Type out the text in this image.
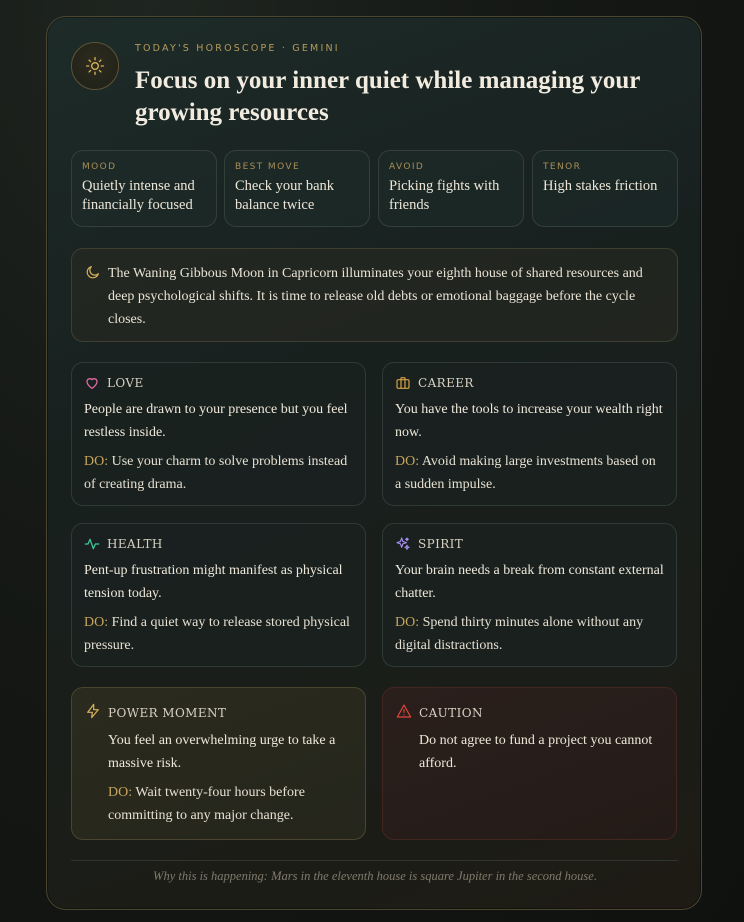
TODAY'S HOROSCOPE · GEMINI
Focus on your inner quiet while managing your growing resources
MOOD
Quietly intense and financially focused
BEST MOVE
Check your bank balance twice
AVOID
Picking fights with friends
TENOR
High stakes friction

The Waning Gibbous Moon in Capricorn illuminates your eighth house of shared resources and deep psychological shifts. It is time to release old debts or emotional baggage before the cycle closes.

LOVE
People are drawn to your presence but you feel restless inside.
DO: Use your charm to solve problems instead of creating drama.
CAREER
You have the tools to increase your wealth right now.
DO: Avoid making large investments based on a sudden impulse.
HEALTH
Pent-up frustration might manifest as physical tension today.
DO: Find a quiet way to release stored physical pressure.
SPIRIT
Your brain needs a break from constant external chatter.
DO: Spend thirty minutes alone without any digital distractions.
POWER MOMENT
You feel an overwhelming urge to take a massive risk.
DO: Wait twenty-four hours before committing to any major change.
CAUTION
Do not agree to fund a project you cannot afford.
Why this is happening: Mars in the eleventh house is square Jupiter in the second house.
